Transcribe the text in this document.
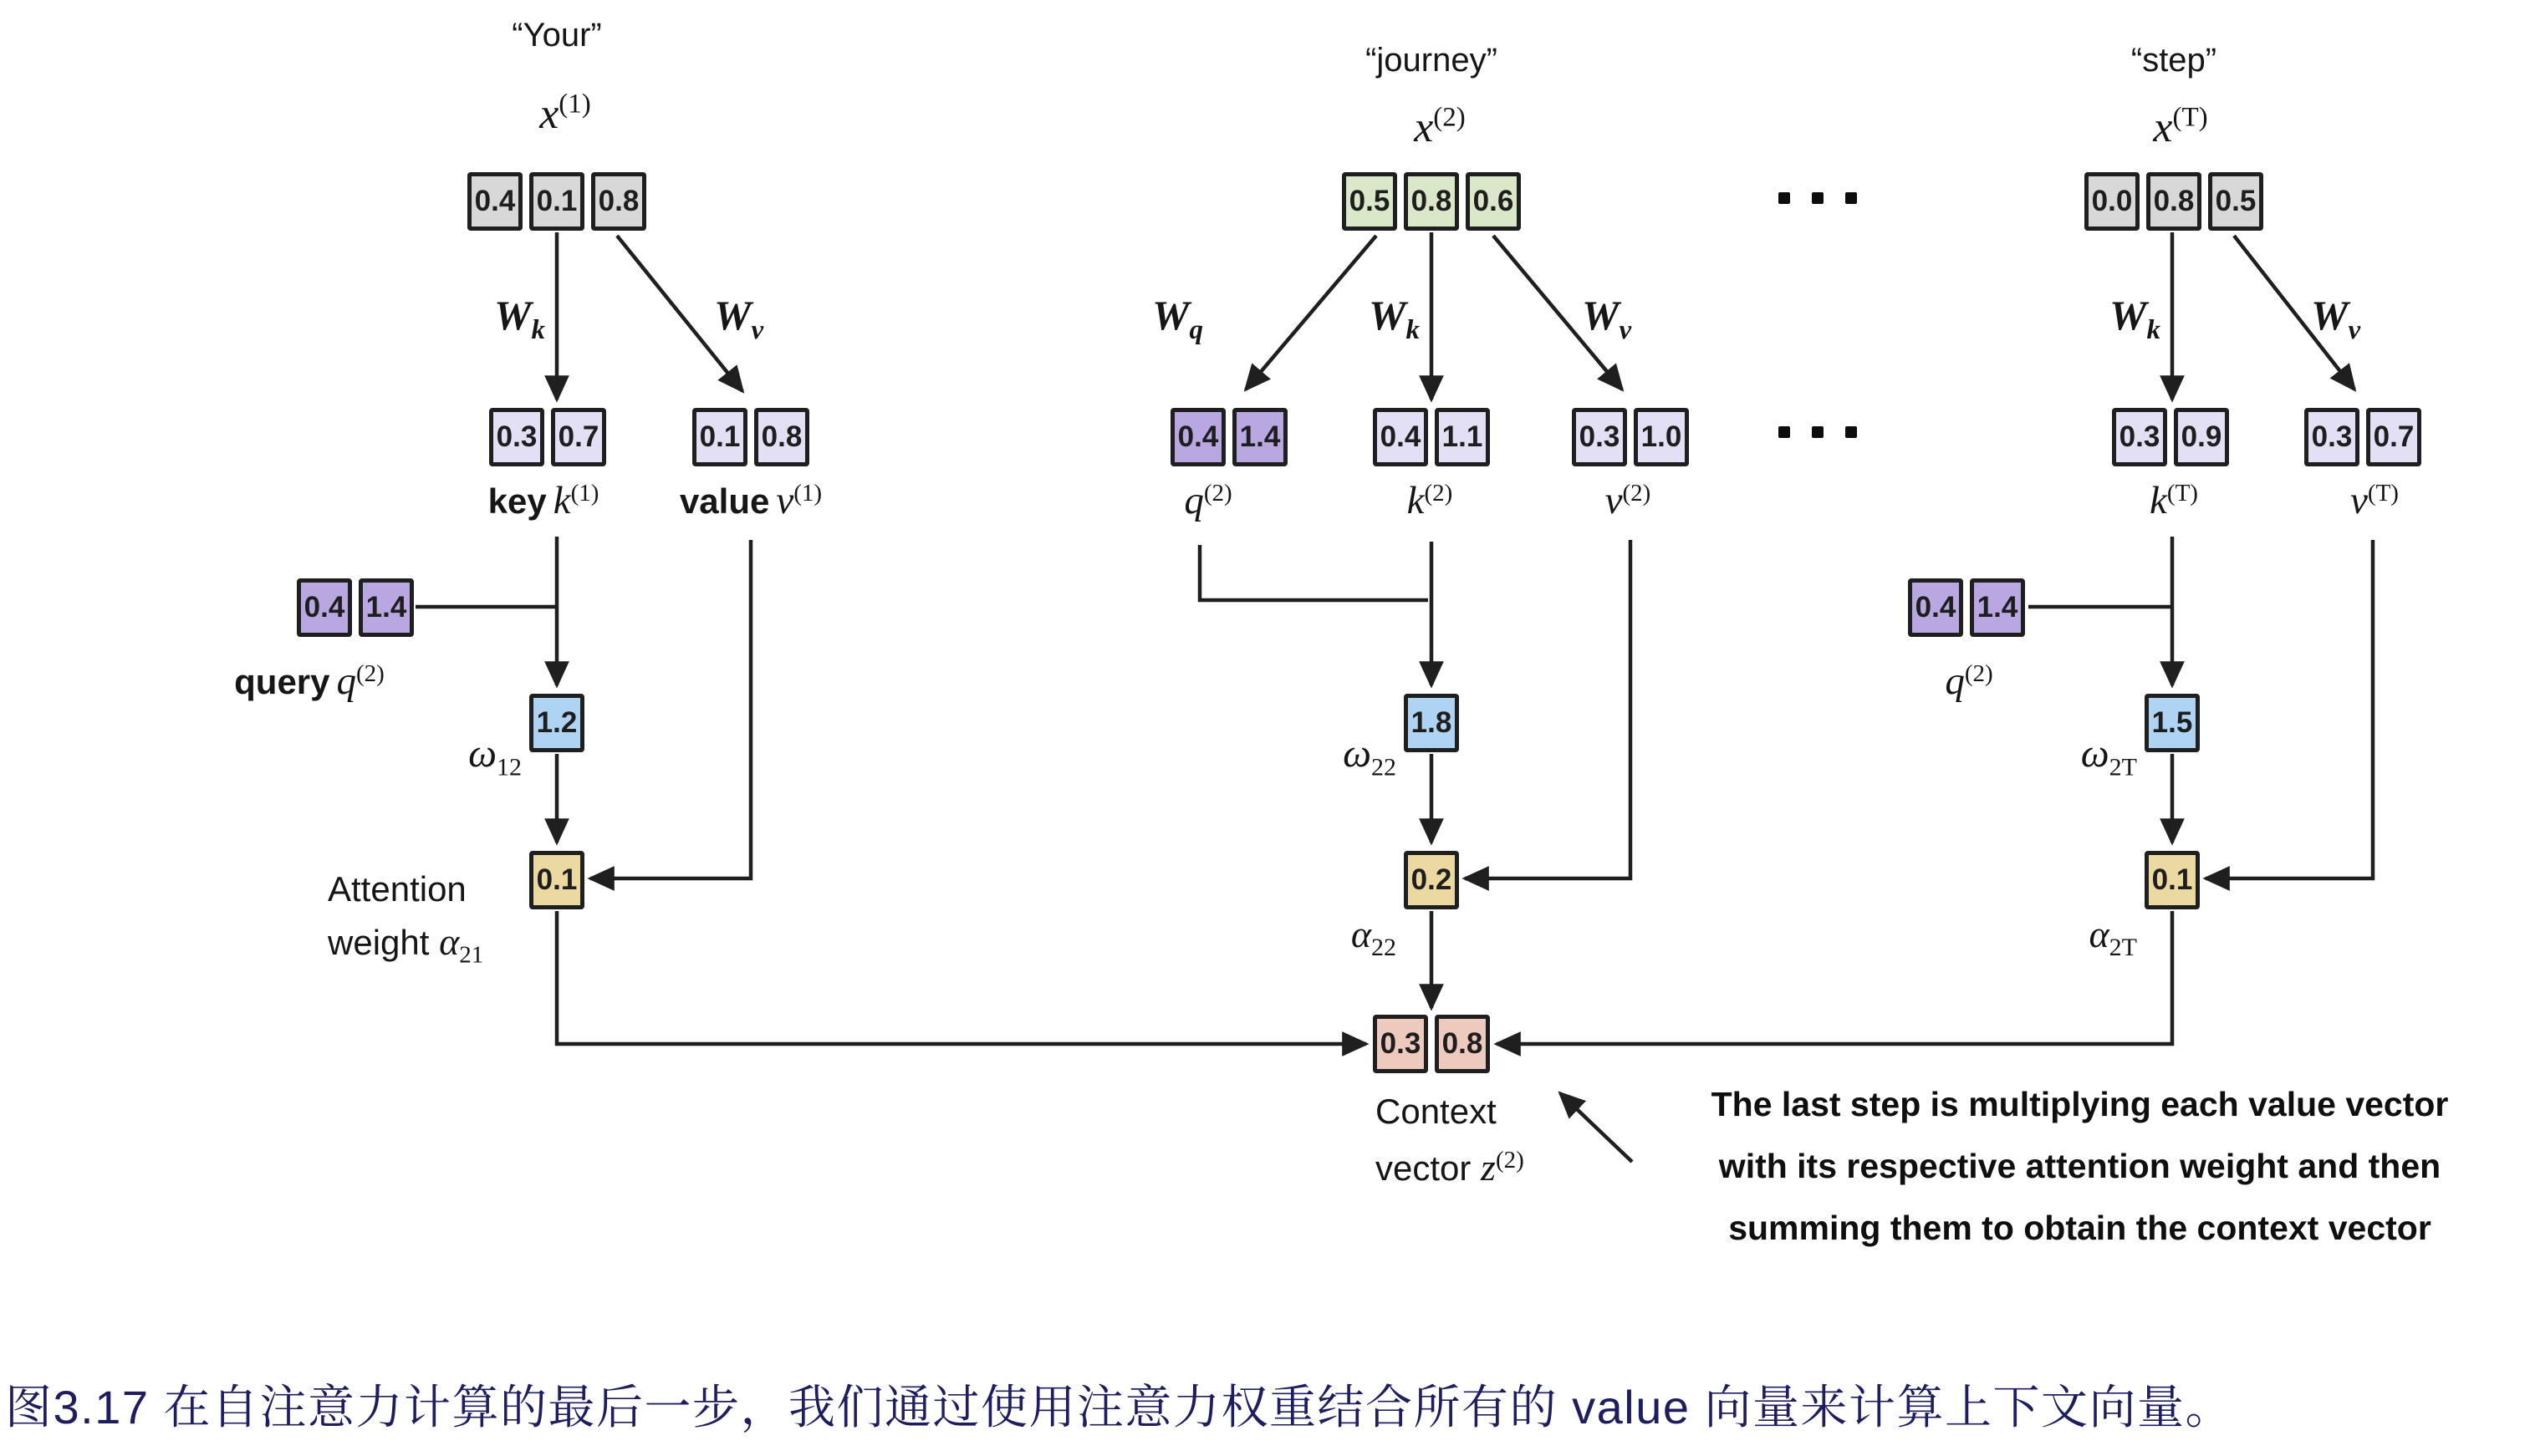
“Your”
$x^{(1)}$
0.4 0.1 0.8
$W_k$	$W_v$
0.3 0.7	0.1 0.8
key $k^{(1)}$	value $v^{(1)}$
0.4 1.4
query $q^{(2)}$
1.2
$\omega_{12}$
0.1
Attention
weight $\alpha_{21}$
“journey”
$x^{(2)}$
0.5 0.8 0.6
$W_q$	$W_k$	$W_v$
0.4 1.4	0.4 1.1	0.3 1.0
$q^{(2)}$	$k^{(2)}$	$v^{(2)}$
1.8
$\omega_{22}$
0.2
$\alpha_{22}$
“step”
$x^{(T)}$
0.0 0.8 0.5
$W_k$	$W_v$
0.3 0.9	0.3 0.7
$k^{(T)}$	$v^{(T)}$
0.4 1.4
$q^{(2)}$
1.5
$\omega_{2T}$
0.1
$\alpha_{2T}$
0.3 0.8
Context
vector $z^{(2)}$
The last step is multiplying each value vector
with its respective attention weight and then
summing them to obtain the context vector
图3.17 在自注意力计算的最后一步，我们通过使用注意力权重结合所有的 value 向量来计算上下文向量。
